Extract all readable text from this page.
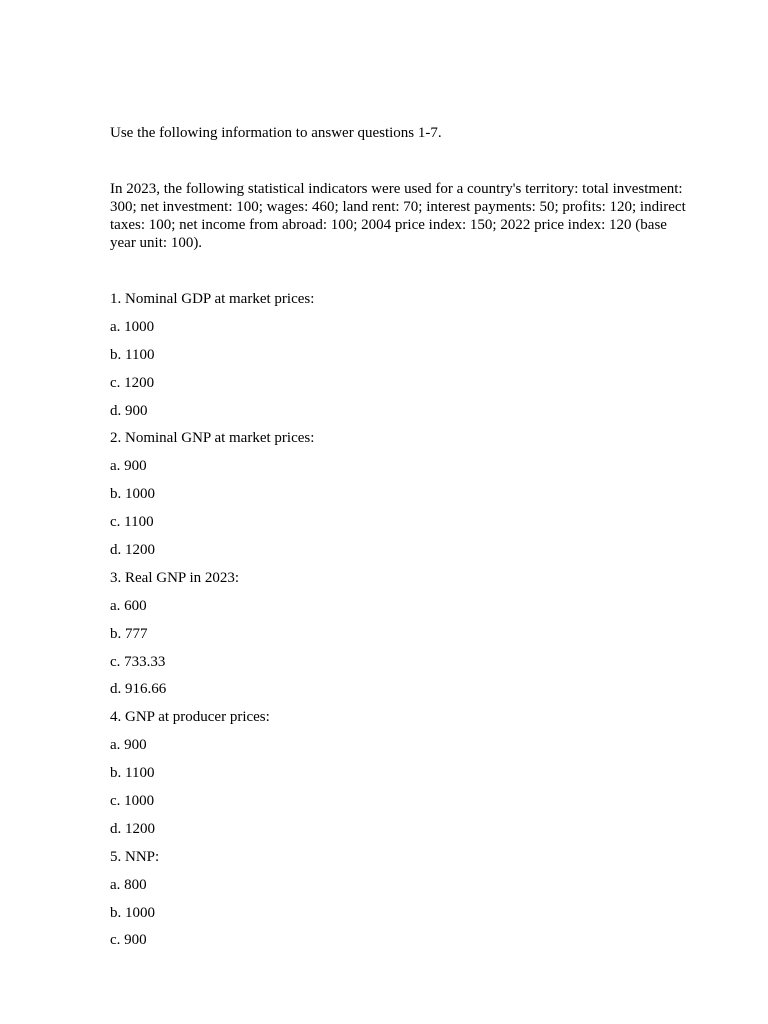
Use the following information to answer questions 1-7.

In 2023, the following statistical indicators were used for a country's territory: total investment: 300; net investment: 100; wages: 460; land rent: 70; interest payments: 50; profits: 120; indirect taxes: 100; net income from abroad: 100; 2004 price index: 150; 2022 price index: 120 (base year unit: 100).

1. Nominal GDP at market prices:

a. 1000

b. 1100

c. 1200

d. 900

2. Nominal GNP at market prices:

a. 900

b. 1000

c. 1100

d. 1200

3. Real GNP in 2023:

a. 600

b. 777

c. 733.33

d. 916.66

4. GNP at producer prices:

a. 900

b. 1100

c. 1000

d. 1200

5. NNP:

a. 800

b. 1000

c. 900
